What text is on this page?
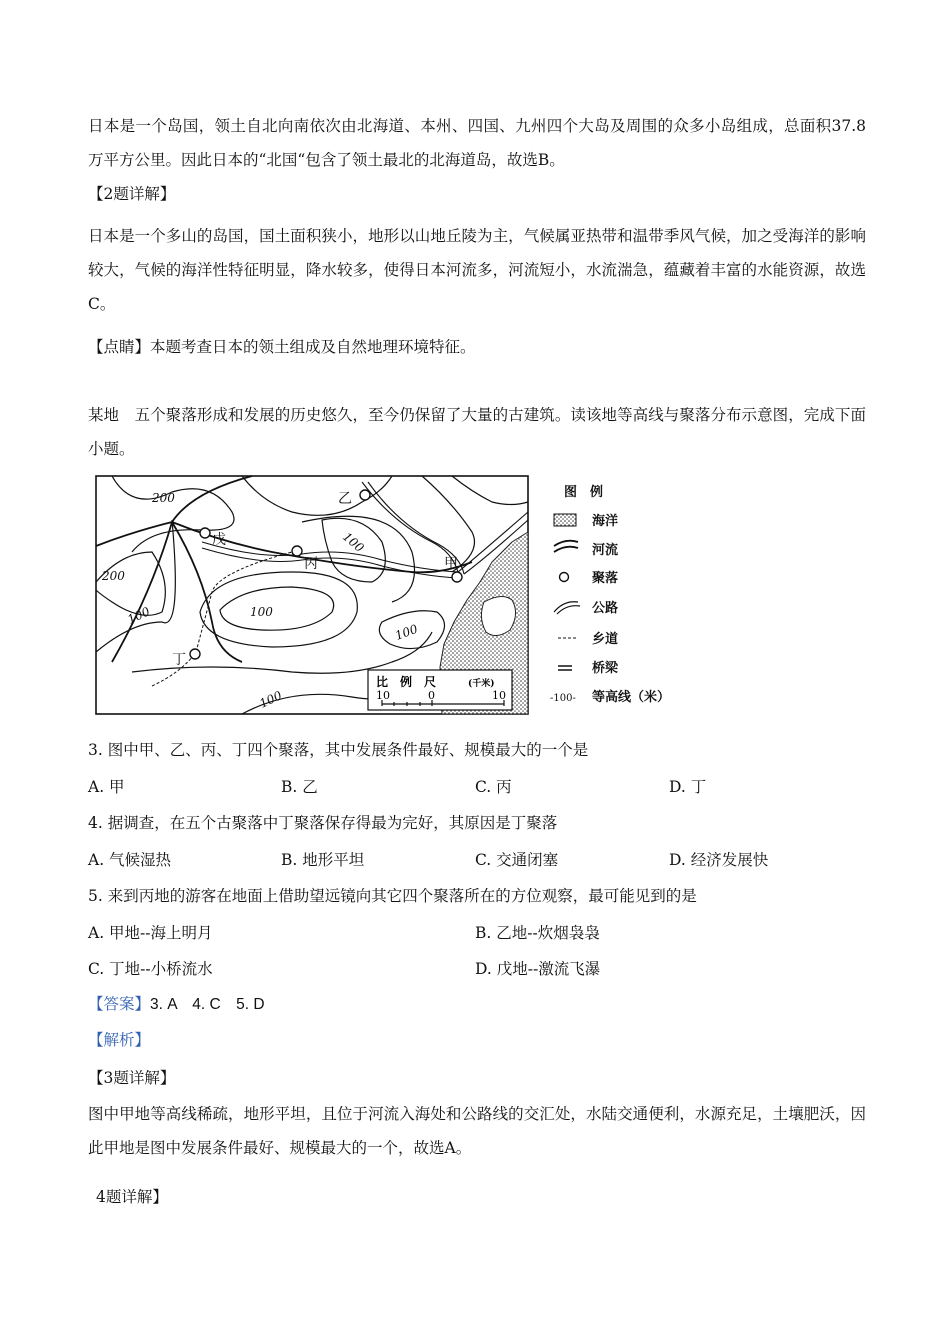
日本是一个岛国，领土自北向南依次由北海道、本州、四国、九州四个大岛及周围的众多小岛组成，总面积37.8万平方公里。因此日本的“北国“包含了领土最北的北海道岛，故选B。
【2题详解】
日本是一个多山的岛国，国土面积狭小，地形以山地丘陵为主，气候属亚热带和温带季风气候，加之受海洋的影响较大，气候的海洋性特征明显，降水较多，使得日本河流多，河流短小，水流湍急，蕴藏着丰富的水能资源，故选C。
【点睛】本题考查日本的领土组成及自然地理环境特征。
某地　五个聚落形成和发展的历史悠久，至今仍保留了大量的古建筑。读该地等高线与聚落分布示意图，完成下面小题。
乙
戊
丙	甲
丁
200
200
100	100
100
100
100
比　例　尺	(千米)
10	0	10
图　例
海洋
河流
聚落
公路
乡道
桥梁
-100- 等高线（米）
3. 图中甲、乙、丙、丁四个聚落，其中发展条件最好、规模最大的一个是
A. 甲	B. 乙	C. 丙	D. 丁
4. 据调查，在五个古聚落中丁聚落保存得最为完好，其原因是丁聚落
A. 气候湿热	B. 地形平坦	C. 交通闭塞	D. 经济发展快
5. 来到丙地的游客在地面上借助望远镜向其它四个聚落所在的方位观察，最可能见到的是
A. 甲地--海上明月	B. 乙地--炊烟袅袅
C. 丁地--小桥流水	D. 戊地--激流飞瀑
【答案】3. A　4. C　5. D
【解析】
【3题详解】
图中甲地等高线稀疏，地形平坦，且位于河流入海处和公路线的交汇处，水陆交通便利，水源充足，土壤肥沃，因此甲地是图中发展条件最好、规模最大的一个，故选A。
4题详解】
